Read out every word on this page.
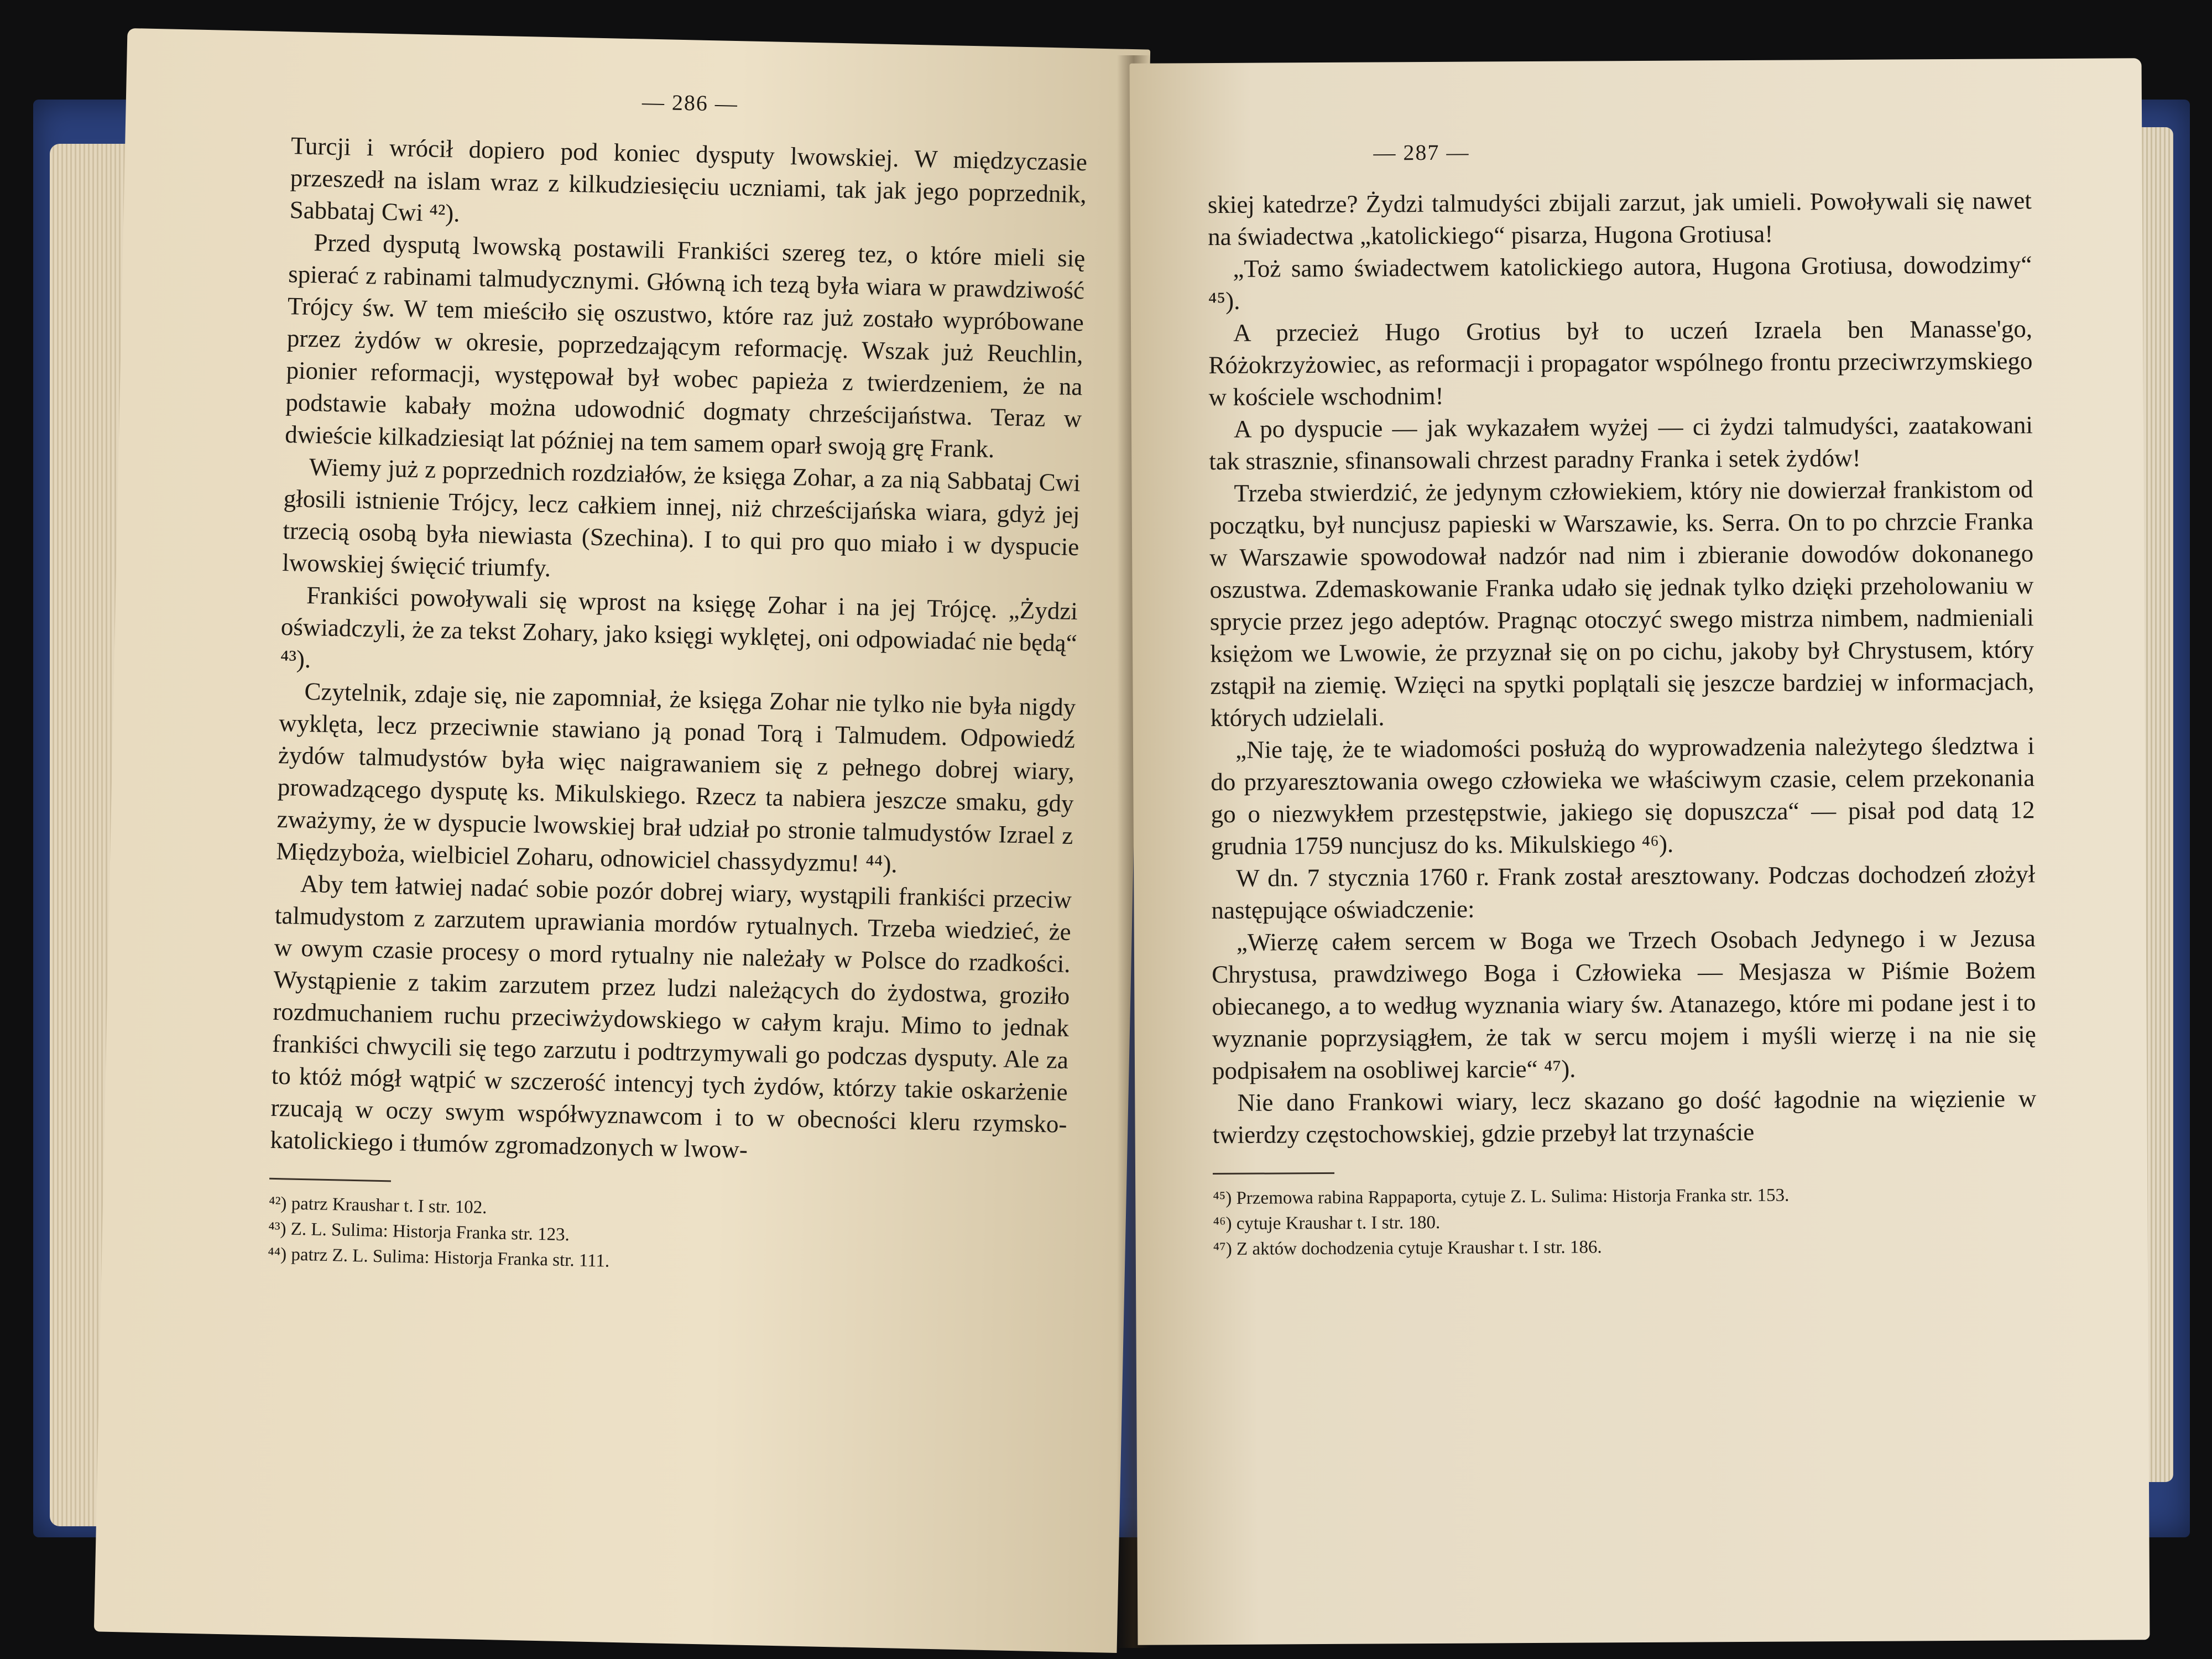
— 286 —

Turcji i wrócił dopiero pod koniec dysputy lwowskiej. W międzyczasie przeszedł na islam wraz z kilkudziesięciu uczniami, tak jak jego poprzednik, Sabbataj Cwi ⁴²).

Przed dysputą lwowską postawili Frankiści szereg tez, o które mieli się spierać z rabinami talmudycznymi. Główną ich tezą była wiara w prawdziwość Trójcy św. W tem mieściło się oszustwo, które raz już zostało wypróbowane przez żydów w okresie, poprzedzającym reformację. Wszak już Reuchlin, pionier reformacji, występował był wobec papieża z twierdzeniem, że na podstawie kabały można udowodnić dogmaty chrześcijaństwa. Teraz w dwieście kilkadziesiąt lat później na tem samem oparł swoją grę Frank.

Wiemy już z poprzednich rozdziałów, że księga Zohar, a za nią Sabbataj Cwi głosili istnienie Trójcy, lecz całkiem innej, niż chrześcijańska wiara, gdyż jej trzecią osobą była niewiasta (Szechina). I to qui pro quo miało i w dyspucie lwowskiej święcić triumfy.

Frankiści powoływali się wprost na księgę Zohar i na jej Trójcę. „Żydzi oświadczyli, że za tekst Zohary, jako księgi wyklętej, oni odpowiadać nie będą“ ⁴³).

Czytelnik, zdaje się, nie zapomniał, że księga Zohar nie tylko nie była nigdy wyklęta, lecz przeciwnie stawiano ją ponad Torą i Talmudem. Odpowiedź żydów talmudystów była więc naigrawaniem się z pełnego dobrej wiary, prowadzącego dysputę ks. Mikulskiego. Rzecz ta nabiera jeszcze smaku, gdy zważymy, że w dyspucie lwowskiej brał udział po stronie talmudystów Izrael z Międzyboża, wielbiciel Zoharu, odnowiciel chassydyzmu! ⁴⁴).

Aby tem łatwiej nadać sobie pozór dobrej wiary, wystąpili frankiści przeciw talmudystom z zarzutem uprawiania mordów rytualnych. Trzeba wiedzieć, że w owym czasie procesy o mord rytualny nie należały w Polsce do rzadkości. Wystąpienie z takim zarzutem przez ludzi należących do żydostwa, groziło rozdmuchaniem ruchu przeciwżydowskiego w całym kraju. Mimo to jednak frankiści chwycili się tego zarzutu i podtrzymywali go podczas dysputy. Ale za to któż mógł wątpić w szczerość intencyj tych żydów, którzy takie oskarżenie rzucają w oczy swym współwyznawcom i to w obecności kleru rzymsko-katolickiego i tłumów zgromadzonych w lwow-

⁴²) patrz Kraushar t. I str. 102.
⁴³) Z. L. Sulima: Historja Franka str. 123.
⁴⁴) patrz Z. L. Sulima: Historja Franka str. 111.
— 287 —

skiej katedrze? Żydzi talmudyści zbijali zarzut, jak umieli. Powoływali się nawet na świadectwa „katolickiego“ pisarza, Hugona Grotiusa!

„Toż samo świadectwem katolickiego autora, Hugona Grotiusa, dowodzimy“ ⁴⁵).

A przecież Hugo Grotius był to uczeń Izraela ben Manasse'go, Różokrzyżowiec, as reformacji i propagator wspólnego frontu przeciwrzymskiego w kościele wschodnim!

A po dyspucie — jak wykazałem wyżej — ci żydzi talmudyści, zaatakowani tak strasznie, sfinansowali chrzest paradny Franka i setek żydów!

Trzeba stwierdzić, że jedynym człowiekiem, który nie dowierzał frankistom od początku, był nuncjusz papieski w Warszawie, ks. Serra. On to po chrzcie Franka w Warszawie spowodował nadzór nad nim i zbieranie dowodów dokonanego oszustwa. Zdemaskowanie Franka udało się jednak tylko dzięki przeholowaniu w sprycie przez jego adeptów. Pragnąc otoczyć swego mistrza nimbem, nadmieniali księżom we Lwowie, że przyznał się on po cichu, jakoby był Chrystusem, który zstąpił na ziemię. Wzięci na spytki poplątali się jeszcze bardziej w informacjach, których udzielali.

„Nie taję, że te wiadomości posłużą do wyprowadzenia należytego śledztwa i do przyaresztowania owego człowieka we właściwym czasie, celem przekonania go o niezwykłem przestępstwie, jakiego się dopuszcza“ — pisał pod datą 12 grudnia 1759 nuncjusz do ks. Mikulskiego ⁴⁶).

W dn. 7 stycznia 1760 r. Frank został aresztowany. Podczas dochodzeń złożył następujące oświadczenie:

„Wierzę całem sercem w Boga we Trzech Osobach Jedynego i w Jezusa Chrystusa, prawdziwego Boga i Człowieka — Mesjasza w Piśmie Bożem obiecanego, a to według wyznania wiary św. Atanazego, które mi podane jest i to wyznanie poprzysiągłem, że tak w sercu mojem i myśli wierzę i na nie się podpisałem na osobliwej karcie“ ⁴⁷).

Nie dano Frankowi wiary, lecz skazano go dość łagodnie na więzienie w twierdzy częstochowskiej, gdzie przebył lat trzynaście

⁴⁵) Przemowa rabina Rappaporta, cytuje Z. L. Sulima: Historja Franka str. 153.
⁴⁶) cytuje Kraushar t. I str. 180.
⁴⁷) Z aktów dochodzenia cytuje Kraushar t. I str. 186.
